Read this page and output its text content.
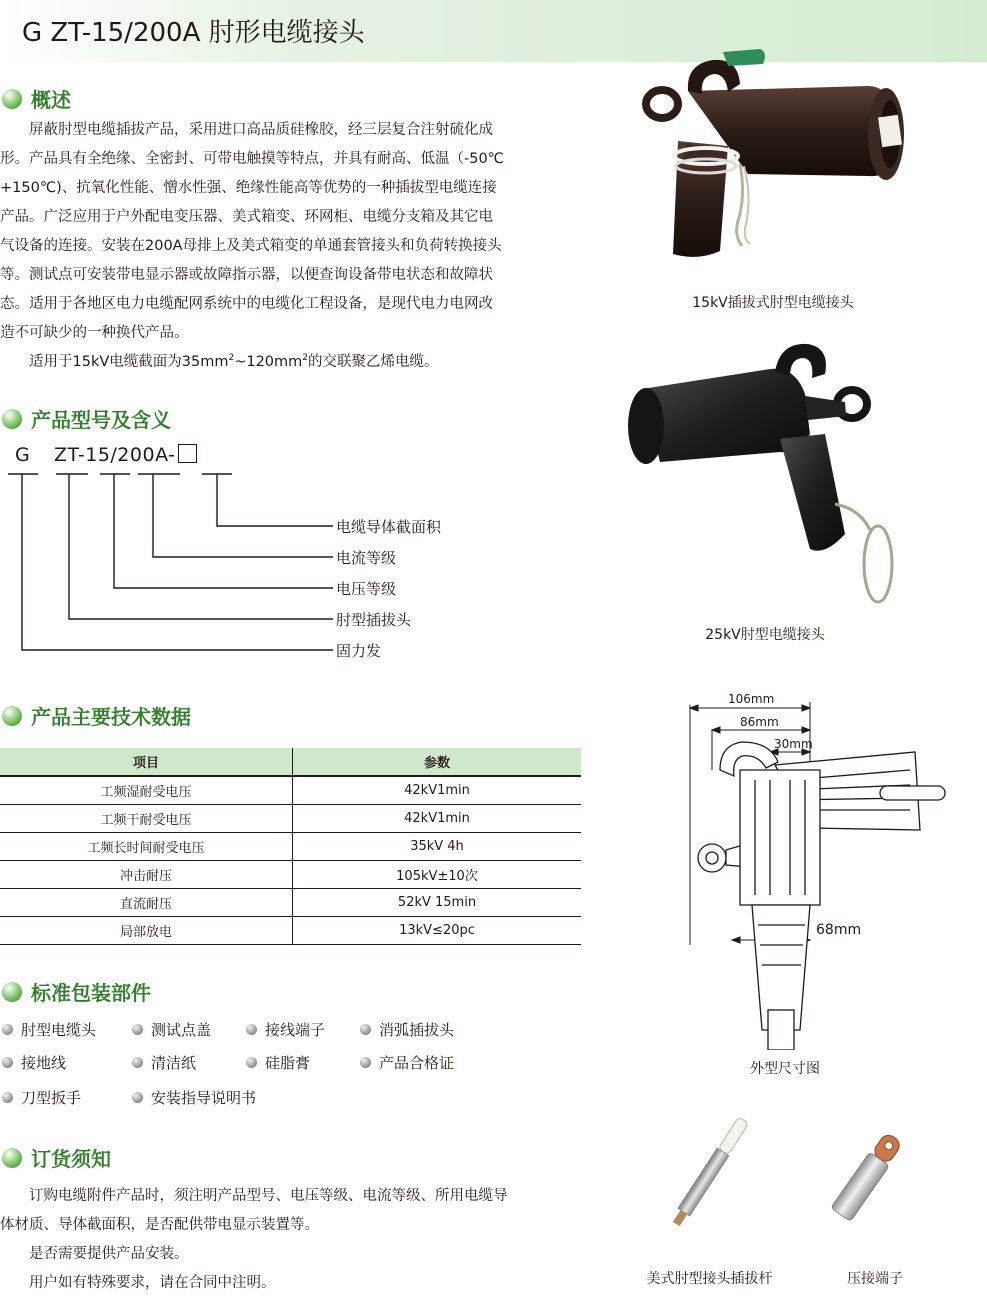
G ZT-15/200A 肘形电缆接头
概述

屏蔽肘型电缆插拔产品，采用进口高品质硅橡胶，经三层复合注射硫化成

形。产品具有全绝缘、全密封、可带电触摸等特点，并具有耐高、低温（-50℃

+150℃)、抗氧化性能、憎水性强、绝缘性能高等优势的一种插拔型电缆连接

产品。广泛应用于户外配电变压器、美式箱变、环网柜、电缆分支箱及其它电

气设备的连接。安装在200A母排上及美式箱变的单通套管接头和负荷转换接头

等。测试点可安装带电显示器或故障指示器，以便查询设备带电状态和故障状

态。适用于各地区电力电缆配网系统中的电缆化工程设备，是现代电力电网改

造不可缺少的一种换代产品。

适用于15kV电缆截面为$35mm^2\sim 120mm^2$的交联聚乙烯电缆。

产品型号及含义
G ZT-15/200A-
电缆导体截面积
电流等级
电压等级
肘型插拔头
固力发
产品主要技术数据
项目	参数
工频湿耐受电压	42kV1min
工频干耐受电压	42kV1min
工频长时间耐受电压	35kV 4h
冲击耐压	105kV±10次
直流耐压	52kV 15min
局部放电	13kV≤20pc
标准包装部件
肘型电缆头	测试点盖	接线端子	消弧插拔头
接地线	清洁纸	硅脂膏	产品合格证
刀型扳手	安装指导说明书
订货须知

订购电缆附件产品时，须注明产品型号、电压等级、电流等级、所用电缆导

体材质、导体截面积，是否配供带电显示装置等。

是否需要提供产品安装。

用户如有特殊要求，请在合同中注明。

15kV插拔式肘型电缆接头
25kV肘型电缆接头
106mm
86mm
30mm
68mm
外型尺寸图
美式肘型接头插拔杆	压接端子
